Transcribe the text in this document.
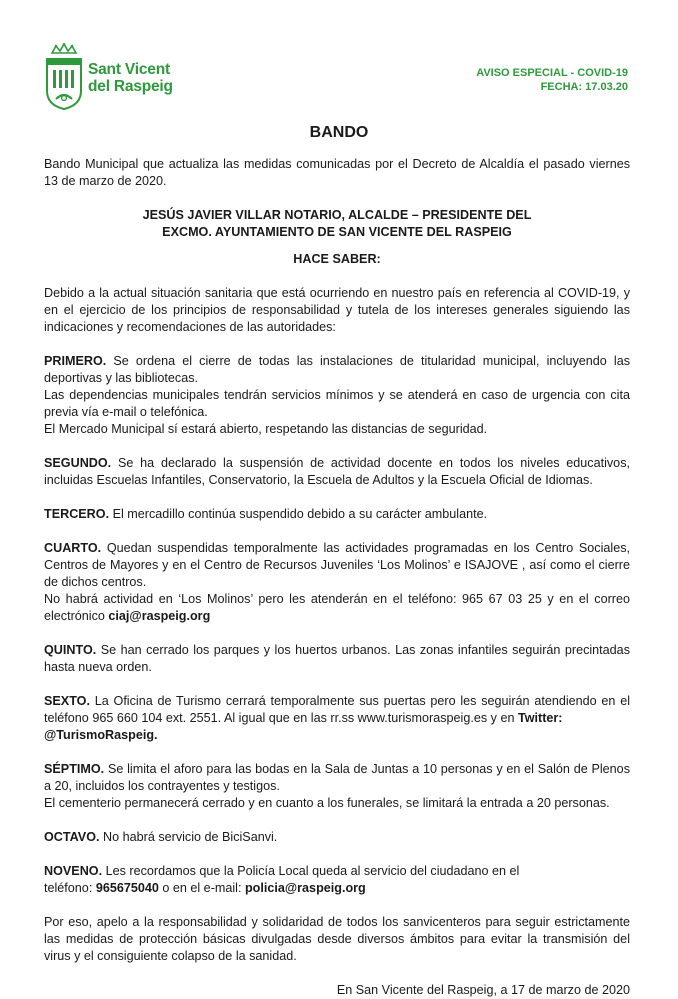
Sant Vicent
del Raspeig
AVISO ESPECIAL - COVID-19
FECHA: 17.03.20
BANDO

Bando Municipal que actualiza las medidas comunicadas por el Decreto de Alcaldía el pasado viernes 13 de marzo de 2020.

JESÚS JAVIER VILLAR NOTARIO, ALCALDE – PRESIDENTE DEL
EXCMO. AYUNTAMIENTO DE SAN VICENTE DEL RASPEIG
HACE SABER:

Debido a la actual situación sanitaria que está ocurriendo en nuestro país en referencia al COVID-19, y en el ejercicio de los principios de responsabilidad y tutela de los intereses generales siguiendo las indicaciones y recomendaciones de las autoridades:

PRIMERO. Se ordena el cierre de todas las instalaciones de titularidad municipal, incluyendo las deportivas y las bibliotecas.

Las dependencias municipales tendrán servicios mínimos y se atenderá en caso de urgencia con cita previa vía e-mail o telefónica.

El Mercado Municipal sí estará abierto, respetando las distancias de seguridad.

SEGUNDO. Se ha declarado la suspensión de actividad docente en todos los niveles educativos, incluidas Escuelas Infantiles, Conservatorio, la Escuela de Adultos y la Escuela Oficial de Idiomas.

TERCERO. El mercadillo continúa suspendido debido a su carácter ambulante.

CUARTO. Quedan suspendidas temporalmente las actividades programadas en los Centro Sociales, Centros de Mayores y en el Centro de Recursos Juveniles ‘Los Molinos’ e ISAJOVE , así como el cierre de dichos centros.

No habrá actividad en ‘Los Molinos’ pero les atenderán en el teléfono: 965 67 03 25 y en el correo electrónico ciaj@raspeig.org

QUINTO. Se han cerrado los parques y los huertos urbanos. Las zonas infantiles seguirán precintadas hasta nueva orden.

SEXTO. La Oficina de Turismo cerrará temporalmente sus puertas pero les seguirán atendiendo en el teléfono 965 660 104 ext. 2551. Al igual que en las rr.ss www.turismoraspeig.es y en Twitter:

@TurismoRaspeig.

SÉPTIMO. Se limita el aforo para las bodas en la Sala de Juntas a 10 personas y en el Salón de Plenos a 20, incluidos los contrayentes y testigos.

El cementerio permanecerá cerrado y en cuanto a los funerales, se limitará la entrada a 20 personas.

OCTAVO. No habrá servicio de BiciSanvi.

NOVENO. Les recordamos que la Policía Local queda al servicio del ciudadano en el

teléfono: 965675040 o en el e-mail: policia@raspeig.org

Por eso, apelo a la responsabilidad y solidaridad de todos los sanvicenteros para seguir estrictamente las medidas de protección básicas divulgadas desde diversos ámbitos para evitar la transmisión del virus y el consiguiente colapso de la sanidad.

En San Vicente del Raspeig, a 17 de marzo de 2020
